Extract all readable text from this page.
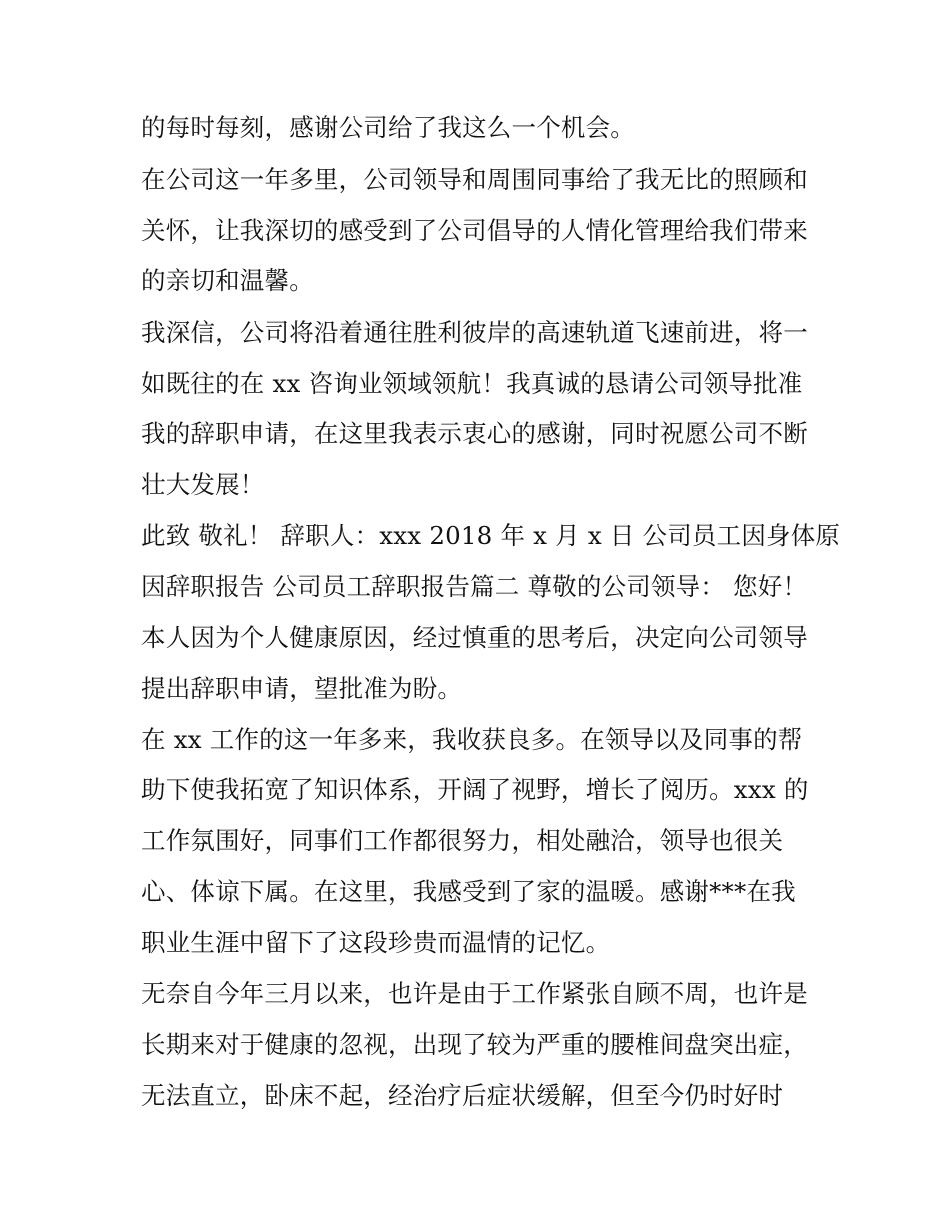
的每时每刻，感谢公司给了我这么一个机会。
在公司这一年多里，公司领导和周围同事给了我无比的照顾和
关怀，让我深切的感受到了公司倡导的人情化管理给我们带来
的亲切和温馨。
我深信，公司将沿着通往胜利彼岸的高速轨道飞速前进，将一
如既往的在 xx 咨询业领域领航！我真诚的恳请公司领导批准
我的辞职申请，在这里我表示衷心的感谢，同时祝愿公司不断
壮大发展！
此致 敬礼！ 辞职人：xxx 2018 年 x 月 x 日 公司员工因身体原
因辞职报告 公司员工辞职报告篇二 尊敬的公司领导： 您好！
本人因为个人健康原因，经过慎重的思考后，决定向公司领导
提出辞职申请，望批准为盼。
在 xx 工作的这一年多来，我收获良多。在领导以及同事的帮
助下使我拓宽了知识体系，开阔了视野，增长了阅历。xxx 的
工作氛围好，同事们工作都很努力，相处融洽，领导也很关
心、体谅下属。在这里，我感受到了家的温暖。感谢***在我
职业生涯中留下了这段珍贵而温情的记忆。
无奈自今年三月以来，也许是由于工作紧张自顾不周，也许是
长期来对于健康的忽视，出现了较为严重的腰椎间盘突出症，
无法直立，卧床不起，经治疗后症状缓解，但至今仍时好时
